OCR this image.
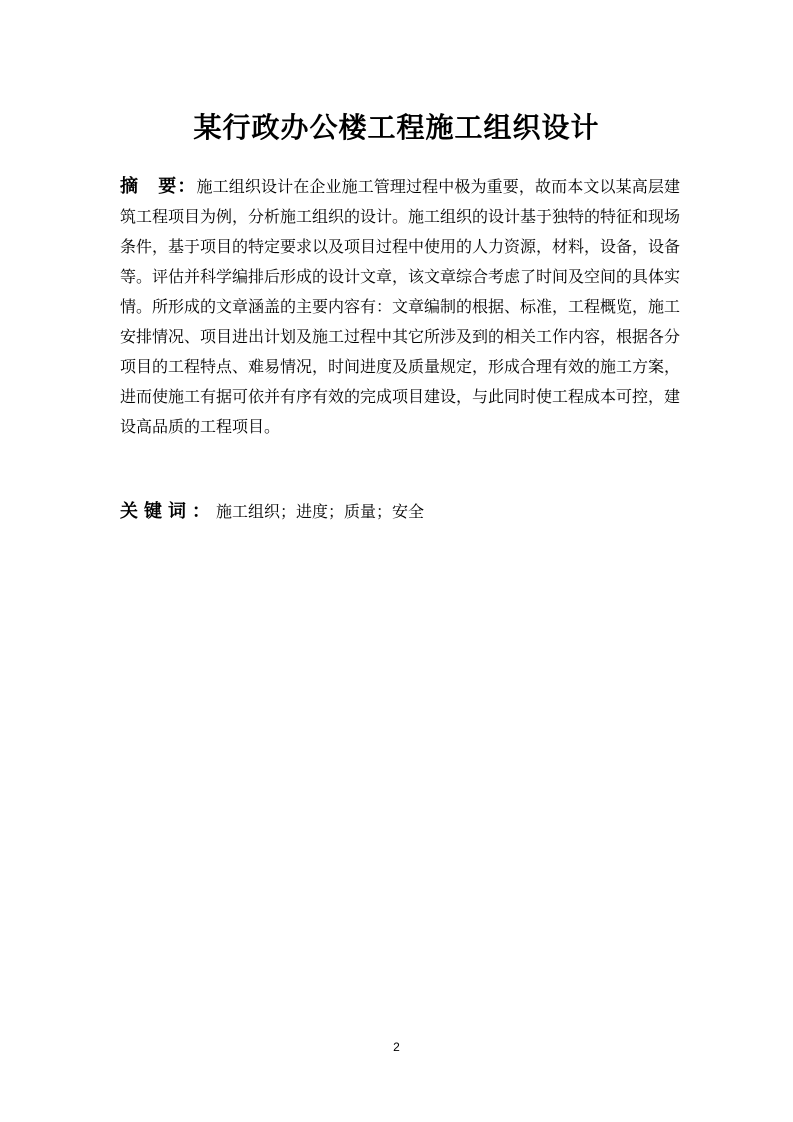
某行政办公楼工程施工组织设计
摘　要：施工组织设计在企业施工管理过程中极为重要，故而本文以某高层建
筑工程项目为例，分析施工组织的设计。施工组织的设计基于独特的特征和现场
条件，基于项目的特定要求以及项目过程中使用的人力资源，材料，设备，设备
等。评估并科学编排后形成的设计文章，该文章综合考虑了时间及空间的具体实
情。所形成的文章涵盖的主要内容有：文章编制的根据、标准，工程概览，施工
安排情况、项目进出计划及施工过程中其它所涉及到的相关工作内容，根据各分
项目的工程特点、难易情况，时间进度及质量规定，形成合理有效的施工方案，
进而使施工有据可依并有序有效的完成项目建设，与此同时使工程成本可控，建
设高品质的工程项目。
关键词：施工组织；进度；质量；安全
2
